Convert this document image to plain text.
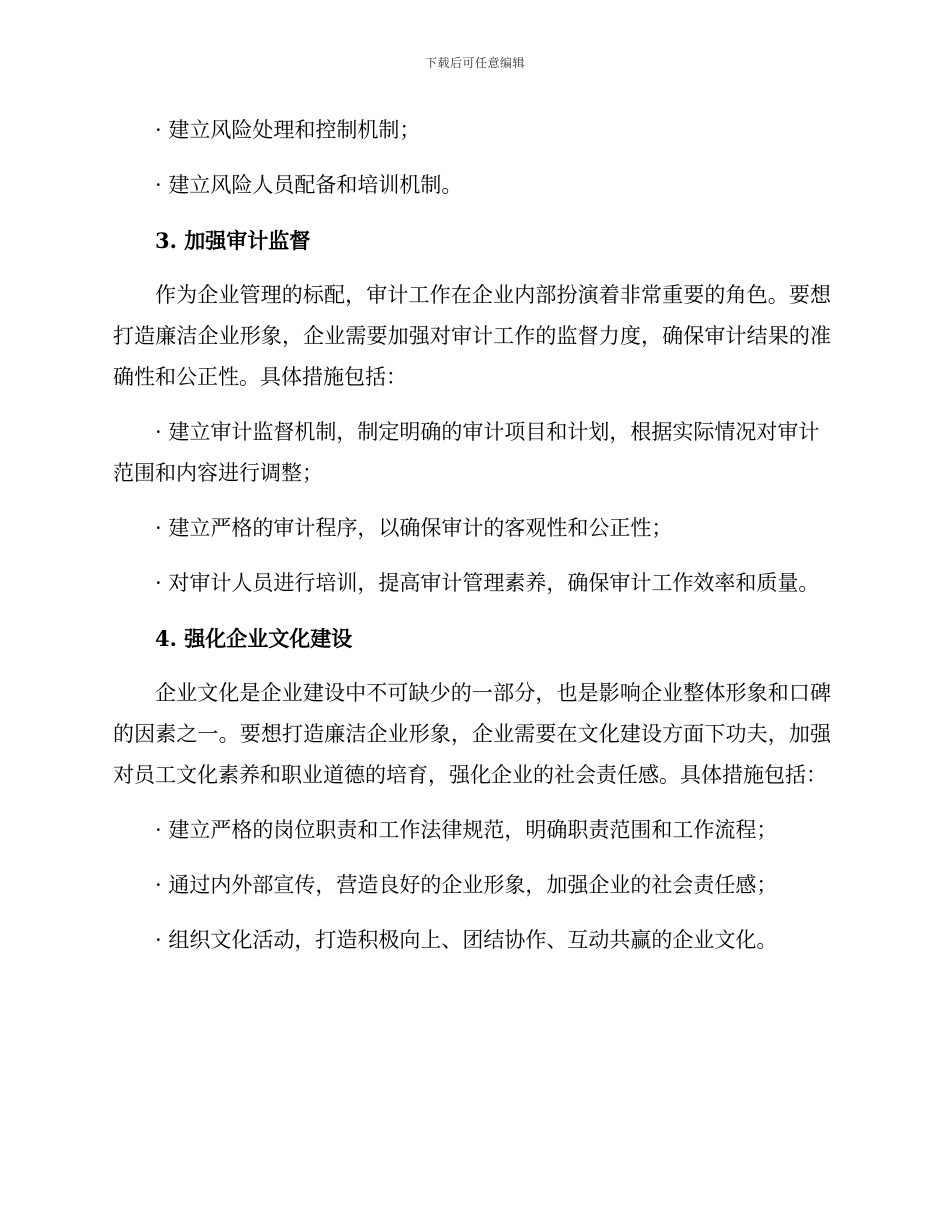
下载后可任意编辑

· 建立风险处理和控制机制；

· 建立风险人员配备和培训机制。

3. 加强审计监督

作为企业管理的标配，审计工作在企业内部扮演着非常重要的角色。要想打造廉洁企业形象，企业需要加强对审计工作的监督力度，确保审计结果的准确性和公正性。具体措施包括：

· 建立审计监督机制，制定明确的审计项目和计划，根据实际情况对审计范围和内容进行调整；

· 建立严格的审计程序，以确保审计的客观性和公正性；

· 对审计人员进行培训，提高审计管理素养，确保审计工作效率和质量。

4. 强化企业文化建设

企业文化是企业建设中不可缺少的一部分，也是影响企业整体形象和口碑的因素之一。要想打造廉洁企业形象，企业需要在文化建设方面下功夫，加强对员工文化素养和职业道德的培育，强化企业的社会责任感。具体措施包括：

· 建立严格的岗位职责和工作法律规范，明确职责范围和工作流程；

· 通过内外部宣传，营造良好的企业形象，加强企业的社会责任感；

· 组织文化活动，打造积极向上、团结协作、互动共赢的企业文化。
